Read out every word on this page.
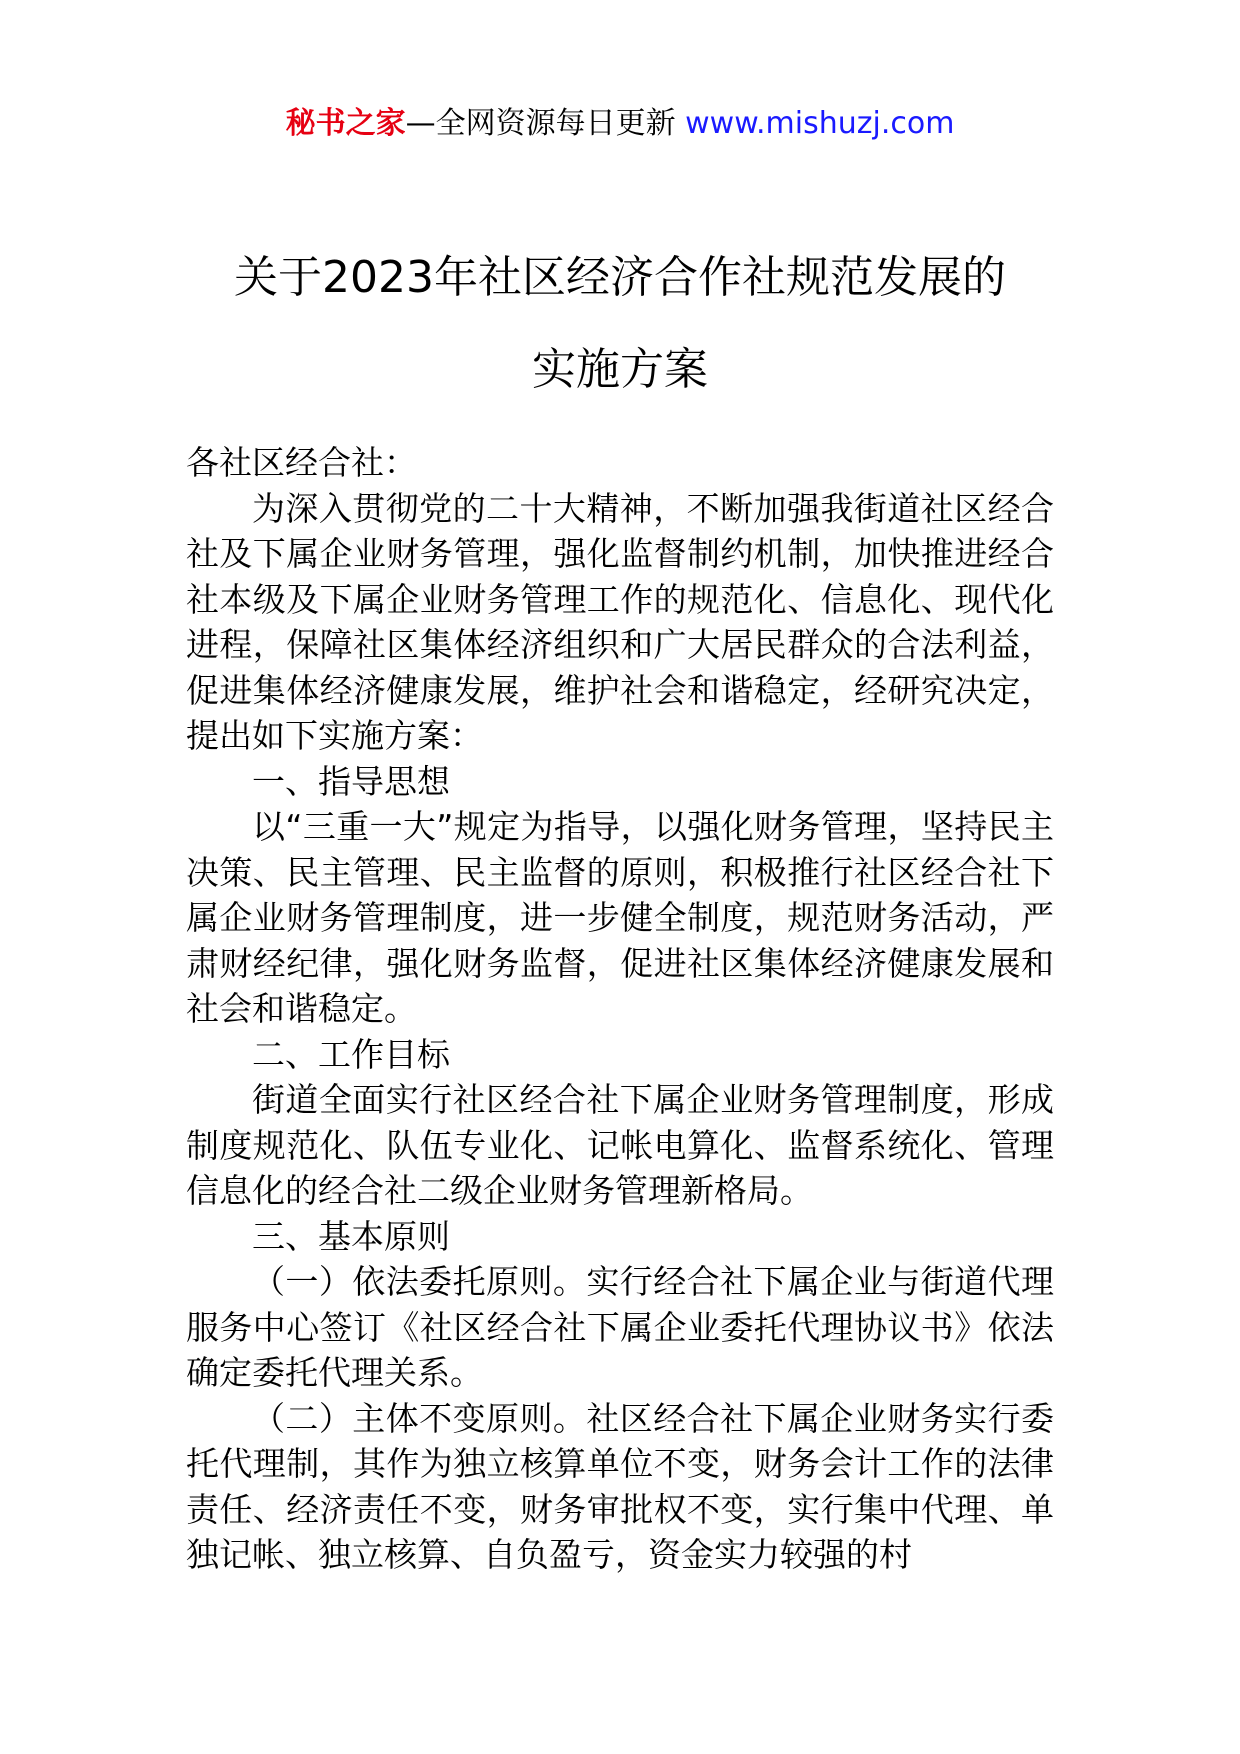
秘书之家—全网资源每日更新 www.mishuzj.com
关于2023年社区经济合作社规范发展的
实施方案

各社区经合社：

为深入贯彻党的二十大精神，不断加强我街道社区经合社及下属企业财务管理，强化监督制约机制，加快推进经合社本级及下属企业财务管理工作的规范化、信息化、现代化进程，保障社区集体经济组织和广大居民群众的合法利益，促进集体经济健康发展，维护社会和谐稳定，经研究决定，提出如下实施方案：

一、指导思想

以“三重一大”规定为指导，以强化财务管理，坚持民主决策、民主管理、民主监督的原则，积极推行社区经合社下属企业财务管理制度，进一步健全制度，规范财务活动，严肃财经纪律，强化财务监督，促进社区集体经济健康发展和社会和谐稳定。

二、工作目标

街道全面实行社区经合社下属企业财务管理制度，形成制度规范化、队伍专业化、记帐电算化、监督系统化、管理信息化的经合社二级企业财务管理新格局。

三、基本原则

（一）依法委托原则。实行经合社下属企业与街道代理服务中心签订《社区经合社下属企业委托代理协议书》依法确定委托代理关系。

（二）主体不变原则。社区经合社下属企业财务实行委托代理制，其作为独立核算单位不变，财务会计工作的法律责任、经济责任不变，财务审批权不变，实行集中代理、单独记帐、独立核算、自负盈亏，资金实力较强的村
